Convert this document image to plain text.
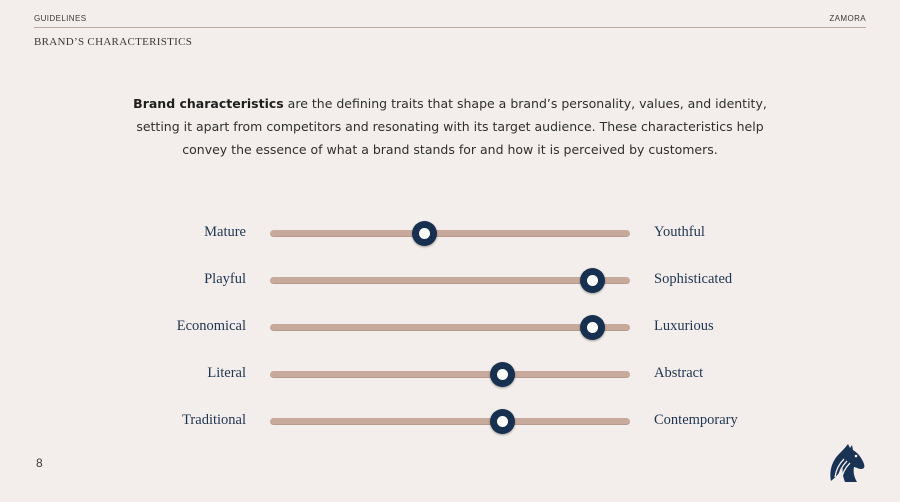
GUIDELINES	ZAMORA
BRAND’S CHARACTERISTICS
Brand characteristics are the defining traits that shape a brand’s personality, values, and identity, setting it apart from competitors and resonating with its target audience. These characteristics help convey the essence of what a brand stands for and how it is perceived by customers.
Mature	Youthful
Playful	Sophisticated
Economical	Luxurious
Literal	Abstract
Traditional	Contemporary
8
